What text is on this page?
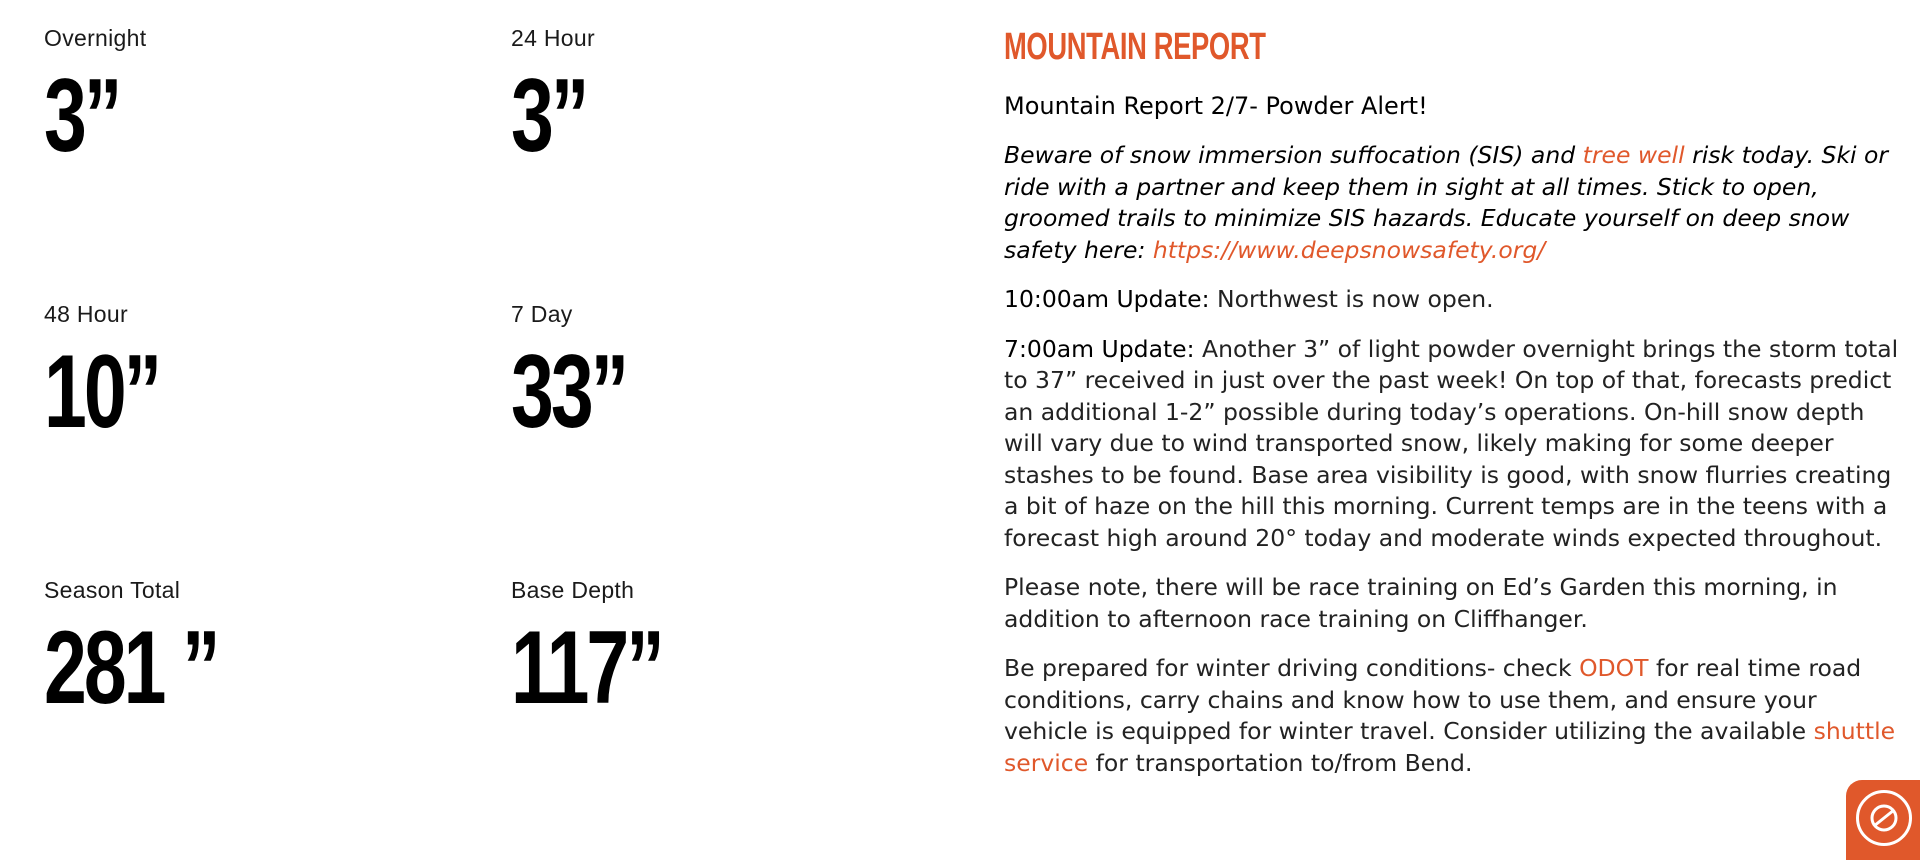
Overnight
3”
24 Hour
3”
48 Hour
10”
7 Day
33”
Season Total
281 ”
Base Depth
117”
MOUNTAIN REPORT
Mountain Report 2/7- Powder Alert!

Beware of snow immersion suffocation (SIS) and tree well risk today. Ski or ride with a partner and keep them in sight at all times. Stick to open, groomed trails to minimize SIS hazards. Educate yourself on deep snow safety here: https://www.deepsnowsafety.org/

10:00am Update: Northwest is now open.

7:00am Update: Another 3” of light powder overnight brings the storm total to 37” received in just over the past week! On top of that, forecasts predict an additional 1-2” possible during today’s operations. On-hill snow depth will vary due to wind transported snow, likely making for some deeper stashes to be found. Base area visibility is good, with snow flurries creating a bit of haze on the hill this morning. Current temps are in the teens with a forecast high around 20° today and moderate winds expected throughout.

Please note, there will be race training on Ed’s Garden this morning, in addition to afternoon race training on Cliffhanger.

Be prepared for winter driving conditions- check ODOT for real time road conditions, carry chains and know how to use them, and ensure your vehicle is equipped for winter travel. Consider utilizing the available shuttle service for transportation to/from Bend.
